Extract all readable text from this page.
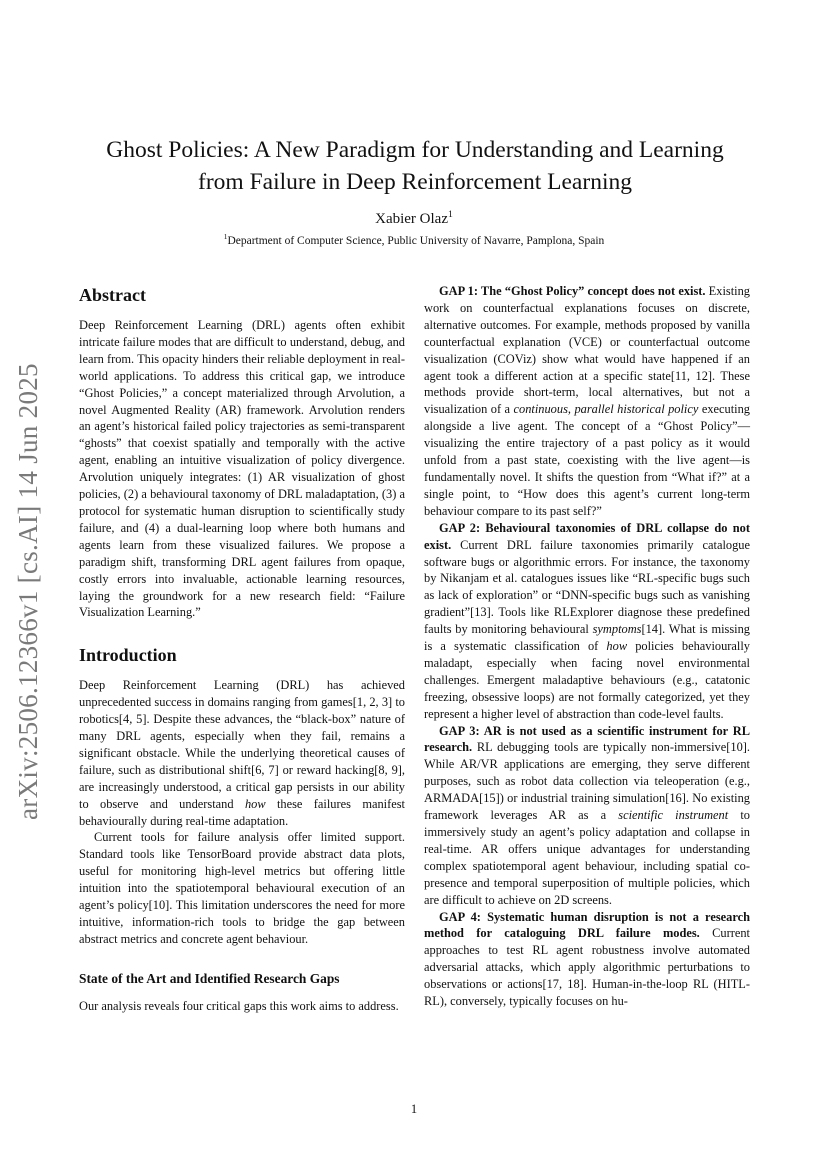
arXiv:2506.12366v1 [cs.AI] 14 Jun 2025
Ghost Policies: A New Paradigm for Understanding and Learning
from Failure in Deep Reinforcement Learning
Xabier Olaz$^1$
$^1$Department of Computer Science, Public University of Navarre, Pamplona, Spain
Abstract

Deep Reinforcement Learning (DRL) agents often exhibit intricate failure modes that are difficult to understand, debug, and learn from. This opacity hinders their reliable deployment in real-world applications. To address this critical gap, we introduce “Ghost Policies,” a concept materialized through Arvolution, a novel Augmented Reality (AR) framework. Arvolution renders an agent’s historical failed policy trajectories as semi-transparent “ghosts” that coexist spatially and temporally with the active agent, enabling an intuitive visualization of policy divergence. Arvolution uniquely integrates: (1) AR visualization of ghost policies, (2) a behavioural taxonomy of DRL maladaptation, (3) a protocol for systematic human disruption to scientifically study failure, and (4) a dual-learning loop where both humans and agents learn from these visualized failures. We propose a paradigm shift, transforming DRL agent failures from opaque, costly errors into invaluable, actionable learning resources, laying the groundwork for a new research field: “Failure Visualization Learning.”

Introduction

Deep Reinforcement Learning (DRL) has achieved unprecedented success in domains ranging from games[1, 2, 3] to robotics[4, 5]. Despite these advances, the “black-box” nature of many DRL agents, especially when they fail, remains a significant obstacle. While the underlying theoretical causes of failure, such as distributional shift[6, 7] or reward hacking[8, 9], are increasingly understood, a critical gap persists in our ability to observe and understand how these failures manifest behaviourally during real-time adaptation.

Current tools for failure analysis offer limited support. Standard tools like TensorBoard provide abstract data plots, useful for monitoring high-level metrics but offering little intuition into the spatiotemporal behavioural execution of an agent’s policy[10]. This limitation underscores the need for more intuitive, information-rich tools to bridge the gap between abstract metrics and concrete agent behaviour.

State of the Art and Identified Research Gaps

Our analysis reveals four critical gaps this work aims to address.

GAP 1: The “Ghost Policy” concept does not exist. Existing work on counterfactual explanations focuses on discrete, alternative outcomes. For example, methods proposed by vanilla counterfactual explanation (VCE) or counterfactual outcome visualization (COViz) show what would have happened if an agent took a different action at a specific state[11, 12]. These methods provide short-term, local alternatives, but not a visualization of a continuous, parallel historical policy executing alongside a live agent. The concept of a “Ghost Policy”—visualizing the entire trajectory of a past policy as it would unfold from a past state, coexisting with the live agent—is fundamentally novel. It shifts the question from “What if?” at a single point, to “How does this agent’s current long-term behaviour compare to its past self?”

GAP 2: Behavioural taxonomies of DRL collapse do not exist. Current DRL failure taxonomies primarily catalogue software bugs or algorithmic errors. For instance, the taxonomy by Nikanjam et al. catalogues issues like “RL-specific bugs such as lack of exploration” or “DNN-specific bugs such as vanishing gradient”[13]. Tools like RLExplorer diagnose these predefined faults by monitoring behavioural symptoms[14]. What is missing is a systematic classification of how policies behaviourally maladapt, especially when facing novel environmental challenges. Emergent maladaptive behaviours (e.g., catatonic freezing, obsessive loops) are not formally categorized, yet they represent a higher level of abstraction than code-level faults.

GAP 3: AR is not used as a scientific instrument for RL research. RL debugging tools are typically non-immersive[10]. While AR/VR applications are emerging, they serve different purposes, such as robot data collection via teleoperation (e.g., ARMADA[15]) or industrial training simulation[16]. No existing framework leverages AR as a scientific instrument to immersively study an agent’s policy adaptation and collapse in real-time. AR offers unique advantages for understanding complex spatiotemporal agent behaviour, including spatial co-presence and temporal superposition of multiple policies, which are difficult to achieve on 2D screens.

GAP 4: Systematic human disruption is not a research method for cataloguing DRL failure modes. Current approaches to test RL agent robustness involve automated adversarial attacks, which apply algorithmic perturbations to observations or actions[17, 18]. Human-in-the-loop RL (HITL-RL), conversely, typically focuses on hu-

1
